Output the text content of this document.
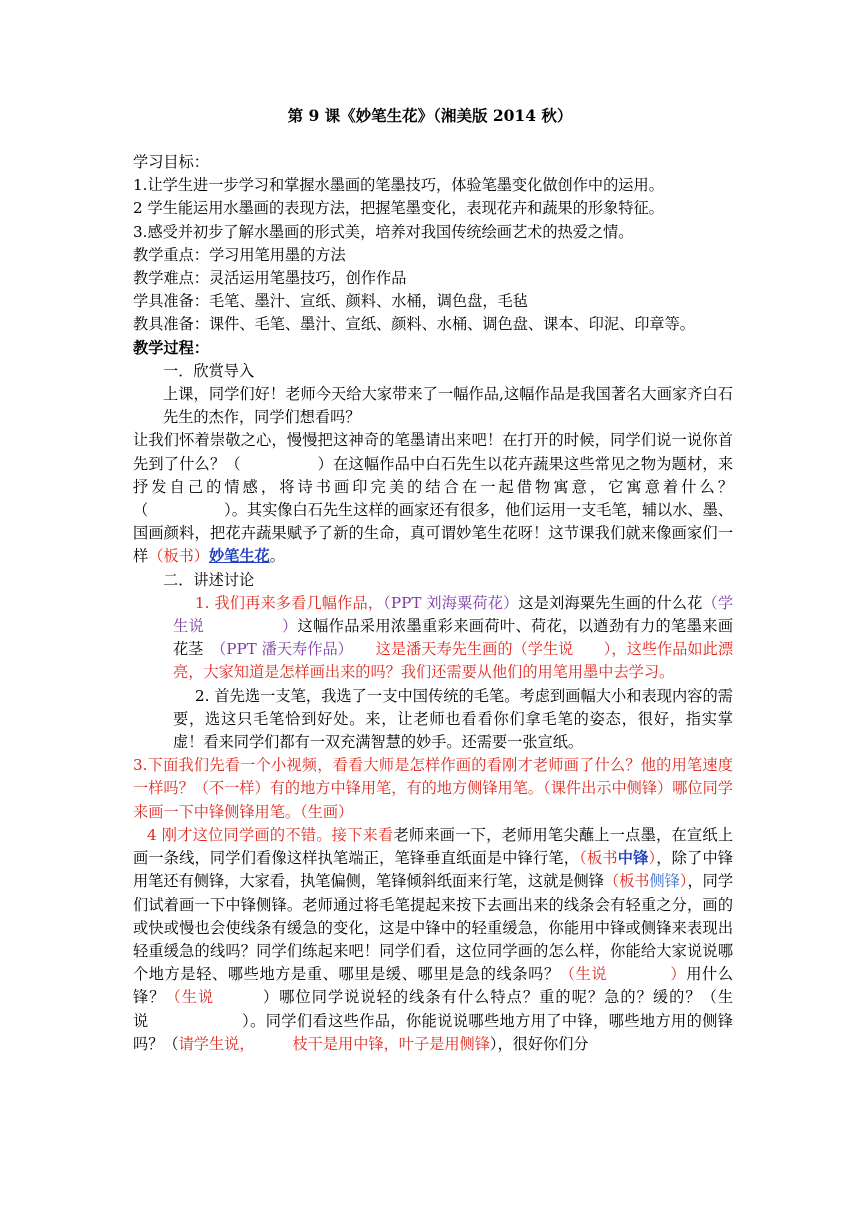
第 9 课《妙笔生花》（湘美版 2014 秋）

学习目标：

1.让学生进一步学习和掌握水墨画的笔墨技巧，体验笔墨变化做创作中的运用。

2 学生能运用水墨画的表现方法，把握笔墨变化，表现花卉和蔬果的形象特征。

3.感受并初步了解水墨画的形式美，培养对我国传统绘画艺术的热爱之情。

教学重点：学习用笔用墨的方法

教学难点：灵活运用笔墨技巧，创作作品

学具准备：毛笔、墨汁、宣纸、颜料、水桶，调色盘，毛毡

教具准备：课件、毛笔、墨汁、宣纸、颜料、水桶、调色盘、课本、印泥、印章等。

教学过程：

一．欣赏导入

上课，同学们好！老师今天给大家带来了一幅作品,这幅作品是我国著名大画家齐白石先生的杰作，同学们想看吗？

让我们怀着崇敬之心，慢慢把这神奇的笔墨请出来吧！在打开的时候，同学们说一说你首先到了什么？（　　　　　）在这幅作品中白石先生以花卉蔬果这些常见之物为题材，来抒发自己的情感，将诗书画印完美的结合在一起借物寓意，它寓意着什么？（　　　　　）。其实像白石先生这样的画家还有很多，他们运用一支毛笔，辅以水、墨、国画颜料，把花卉蔬果赋予了新的生命，真可谓妙笔生花呀！这节课我们就来像画家们一样（板书）妙笔生花。

二．讲述讨论

1. 我们再来多看几幅作品，（PPT 刘海粟荷花）这是刘海粟先生画的什么花（学生说　　　　　）这幅作品采用浓墨重彩来画荷叶、荷花，以遒劲有力的笔墨来画花茎　（PPT 潘天寿作品）　　这是潘天寿先生画的（学生说　　），这些作品如此漂亮，大家知道是怎样画出来的吗？我们还需要从他们的用笔用墨中去学习。

2. 首先选一支笔，我选了一支中国传统的毛笔。考虑到画幅大小和表现内容的需要，选这只毛笔恰到好处。来，让老师也看看你们拿毛笔的姿态，很好，指实掌虚！看来同学们都有一双充满智慧的妙手。还需要一张宣纸。

3.下面我们先看一个小视频，看看大师是怎样作画的看刚才老师画了什么？他的用笔速度一样吗？（不一样）有的地方中锋用笔，有的地方侧锋用笔。（课件出示中侧锋）哪位同学来画一下中锋侧锋用笔。（生画）

4 刚才这位同学画的不错。接下来看老师来画一下，老师用笔尖蘸上一点墨，在宣纸上画一条线，同学们看像这样执笔端正，笔锋垂直纸面是中锋行笔，（板书中锋），除了中锋用笔还有侧锋，大家看，执笔偏侧，笔锋倾斜纸面来行笔，这就是侧锋（板书侧锋），同学们试着画一下中锋侧锋。老师通过将毛笔提起来按下去画出来的线条会有轻重之分，画的或快或慢也会使线条有缓急的变化，这是中锋中的轻重缓急，你能用中锋或侧锋来表现出轻重缓急的线吗？同学们练起来吧！同学们看，这位同学画的怎么样，你能给大家说说哪个地方是轻、哪些地方是重、哪里是缓、哪里是急的线条吗？（生说　　　　）用什么锋？（生说　　　）哪位同学说说轻的线条有什么特点？重的呢？急的？缓的？（生说　　　　　　）。同学们看这些作品，你能说说哪些地方用了中锋，哪些地方用的侧锋吗？（请学生说，　　　枝干是用中锋，叶子是用侧锋），很好你们分
